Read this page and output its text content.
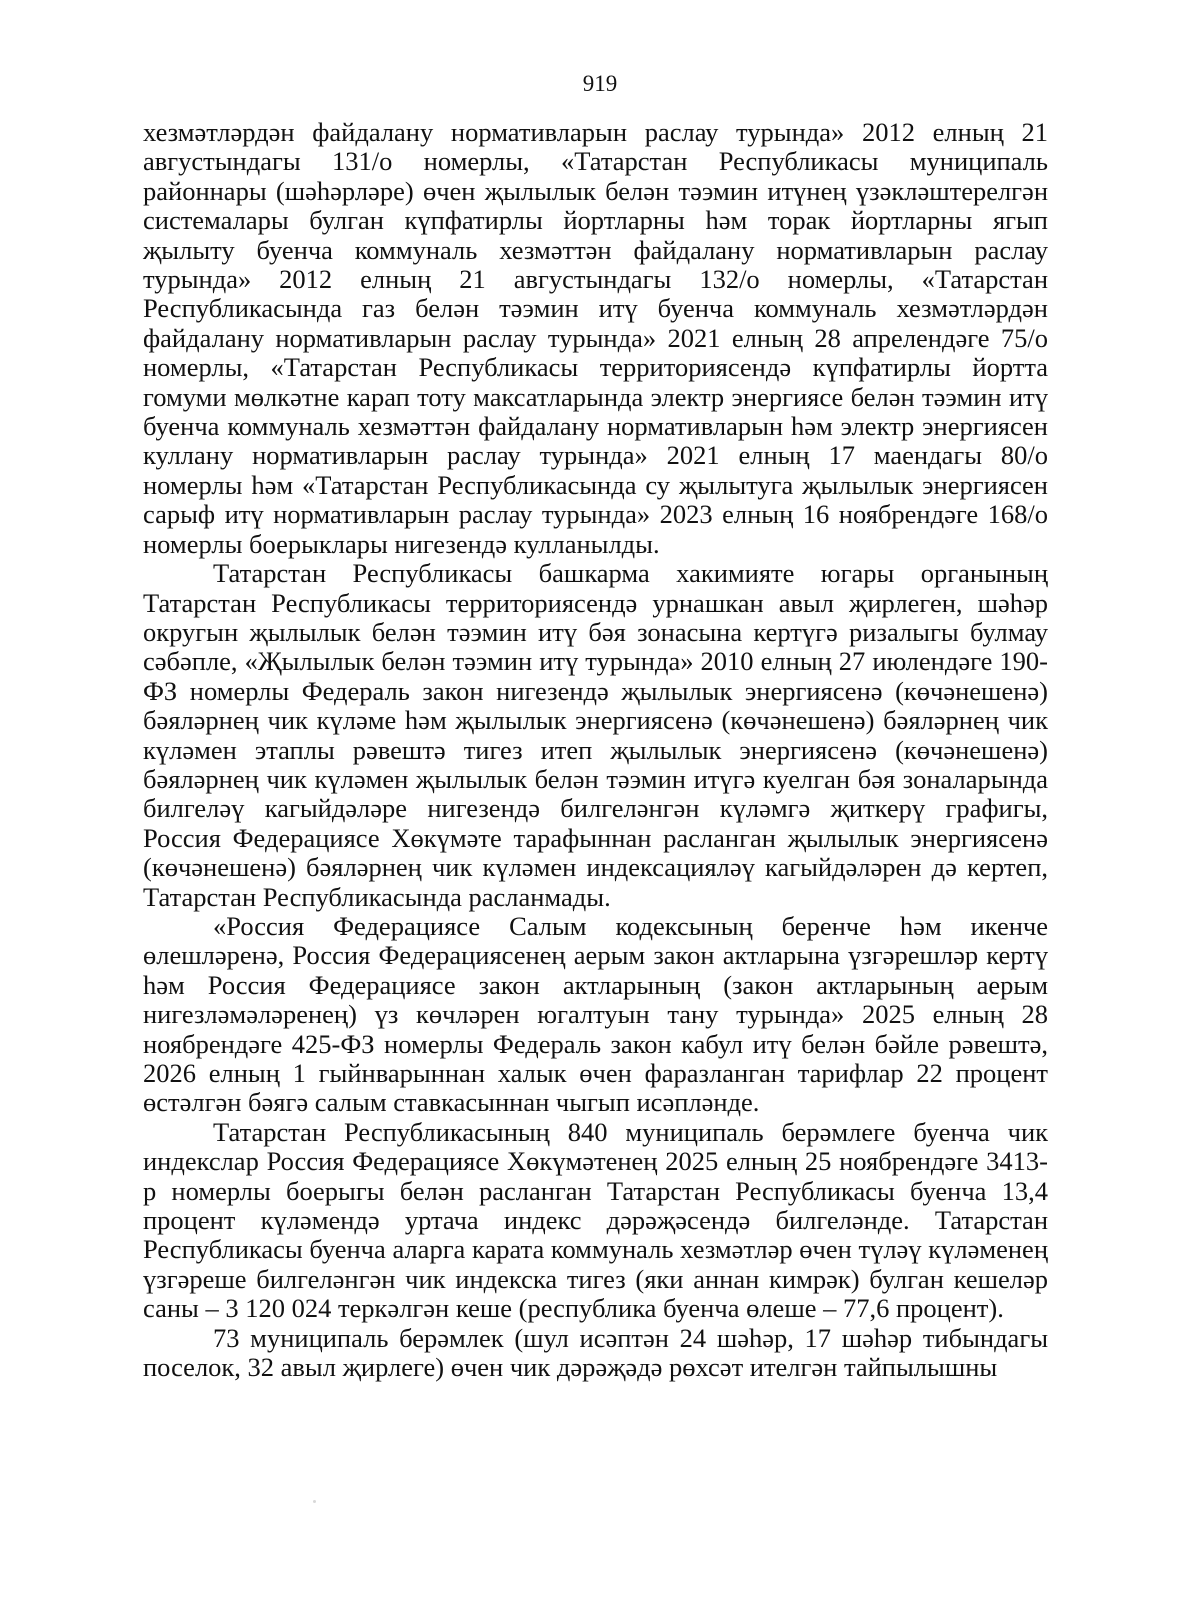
919

хезмәтләрдән файдалану нормативларын раслау турында» 2012 елның 21 августындагы 131/о номерлы, «Татарстан Республикасы муниципаль районнары (шәһәрләре) өчен җылылык белән тәэмин итүнең үзәкләштерелгән системалары булган күпфатирлы йортларны һәм торак йортларны ягып җылыту буенча коммуналь хезмәттән файдалану нормативларын раслау турында» 2012 елның 21 августындагы 132/о номерлы, «Татарстан Республикасында газ белән тәэмин итү буенча коммуналь хезмәтләрдән файдалану нормативларын раслау турында» 2021 елның 28 апрелендәге 75/о номерлы, «Татарстан Республикасы территориясендә күпфатирлы йортта гомуми мөлкәтне карап тоту максатларында электр энергиясе белән тәэмин итү буенча коммуналь хезмәттән файдалану нормативларын һәм электр энергиясен куллану нормативларын раслау турында» 2021 елның 17 маендагы 80/о номерлы һәм «Татарстан Республикасында су җылытуга җылылык энергиясен сарыф итү нормативларын раслау турында» 2023 елның 16 ноябрендәге 168/о номерлы боерыклары нигезендә кулланылды.

Татарстан Республикасы башкарма хакимияте югары органының Татарстан Республикасы территориясендә урнашкан авыл җирлеген, шәһәр округын җылылык белән тәэмин итү бәя зонасына кертүгә ризалыгы булмау сәбәпле, «Җылылык белән тәэмин итү турында» 2010 елның 27 июлендәге 190-ФЗ номерлы Федераль закон нигезендә җылылык энергиясенә (көчәнешенә) бәяләрнең чик күләме һәм җылылык энергиясенә (көчәнешенә) бәяләрнең чик күләмен этаплы рәвештә тигез итеп җылылык энергиясенә (көчәнешенә) бәяләрнең чик күләмен җылылык белән тәэмин итүгә куелган бәя зоналарында билгеләү кагыйдәләре нигезендә билгеләнгән күләмгә җиткерү графигы, Россия Федерациясе Хөкүмәте тарафыннан расланган җылылык энергиясенә (көчәнешенә) бәяләрнең чик күләмен индексацияләү кагыйдәләрен дә кертеп, Татарстан Республикасында расланмады.

«Россия Федерациясе Салым кодексының беренче һәм икенче өлешләренә, Россия Федерациясенең аерым закон актларына үзгәрешләр кертү һәм Россия Федерациясе закон актларының (закон актларының аерым нигезләмәләренең) үз көчләрен югалтуын тану турында» 2025 елның 28 ноябрендәге 425-ФЗ номерлы Федераль закон кабул итү белән бәйле рәвештә, 2026 елның 1 гыйнварыннан халык өчен фаразланган тарифлар 22 процент өстәлгән бәягә салым ставкасыннан чыгып исәпләнде.

Татарстан Республикасының 840 муниципаль берәмлеге буенча чик индекслар Россия Федерациясе Хөкүмәтенең 2025 елның 25 ноябрендәге 3413-р номерлы боерыгы белән расланган Татарстан Республикасы буенча 13,4 процент күләмендә уртача индекс дәрәҗәсендә билгеләнде. Татарстан Республикасы буенча аларга карата коммуналь хезмәтләр өчен түләү күләменең үзгәреше билгеләнгән чик индекска тигез (яки аннан кимрәк) булган кешеләр саны – 3 120 024 теркәлгән кеше (республика буенча өлеше – 77,6 процент).

73 муниципаль берәмлек (шул исәптән 24 шәһәр, 17 шәһәр тибындагы поселок, 32 авыл җирлеге) өчен чик дәрәҗәдә рөхсәт ителгән тайпылышны
